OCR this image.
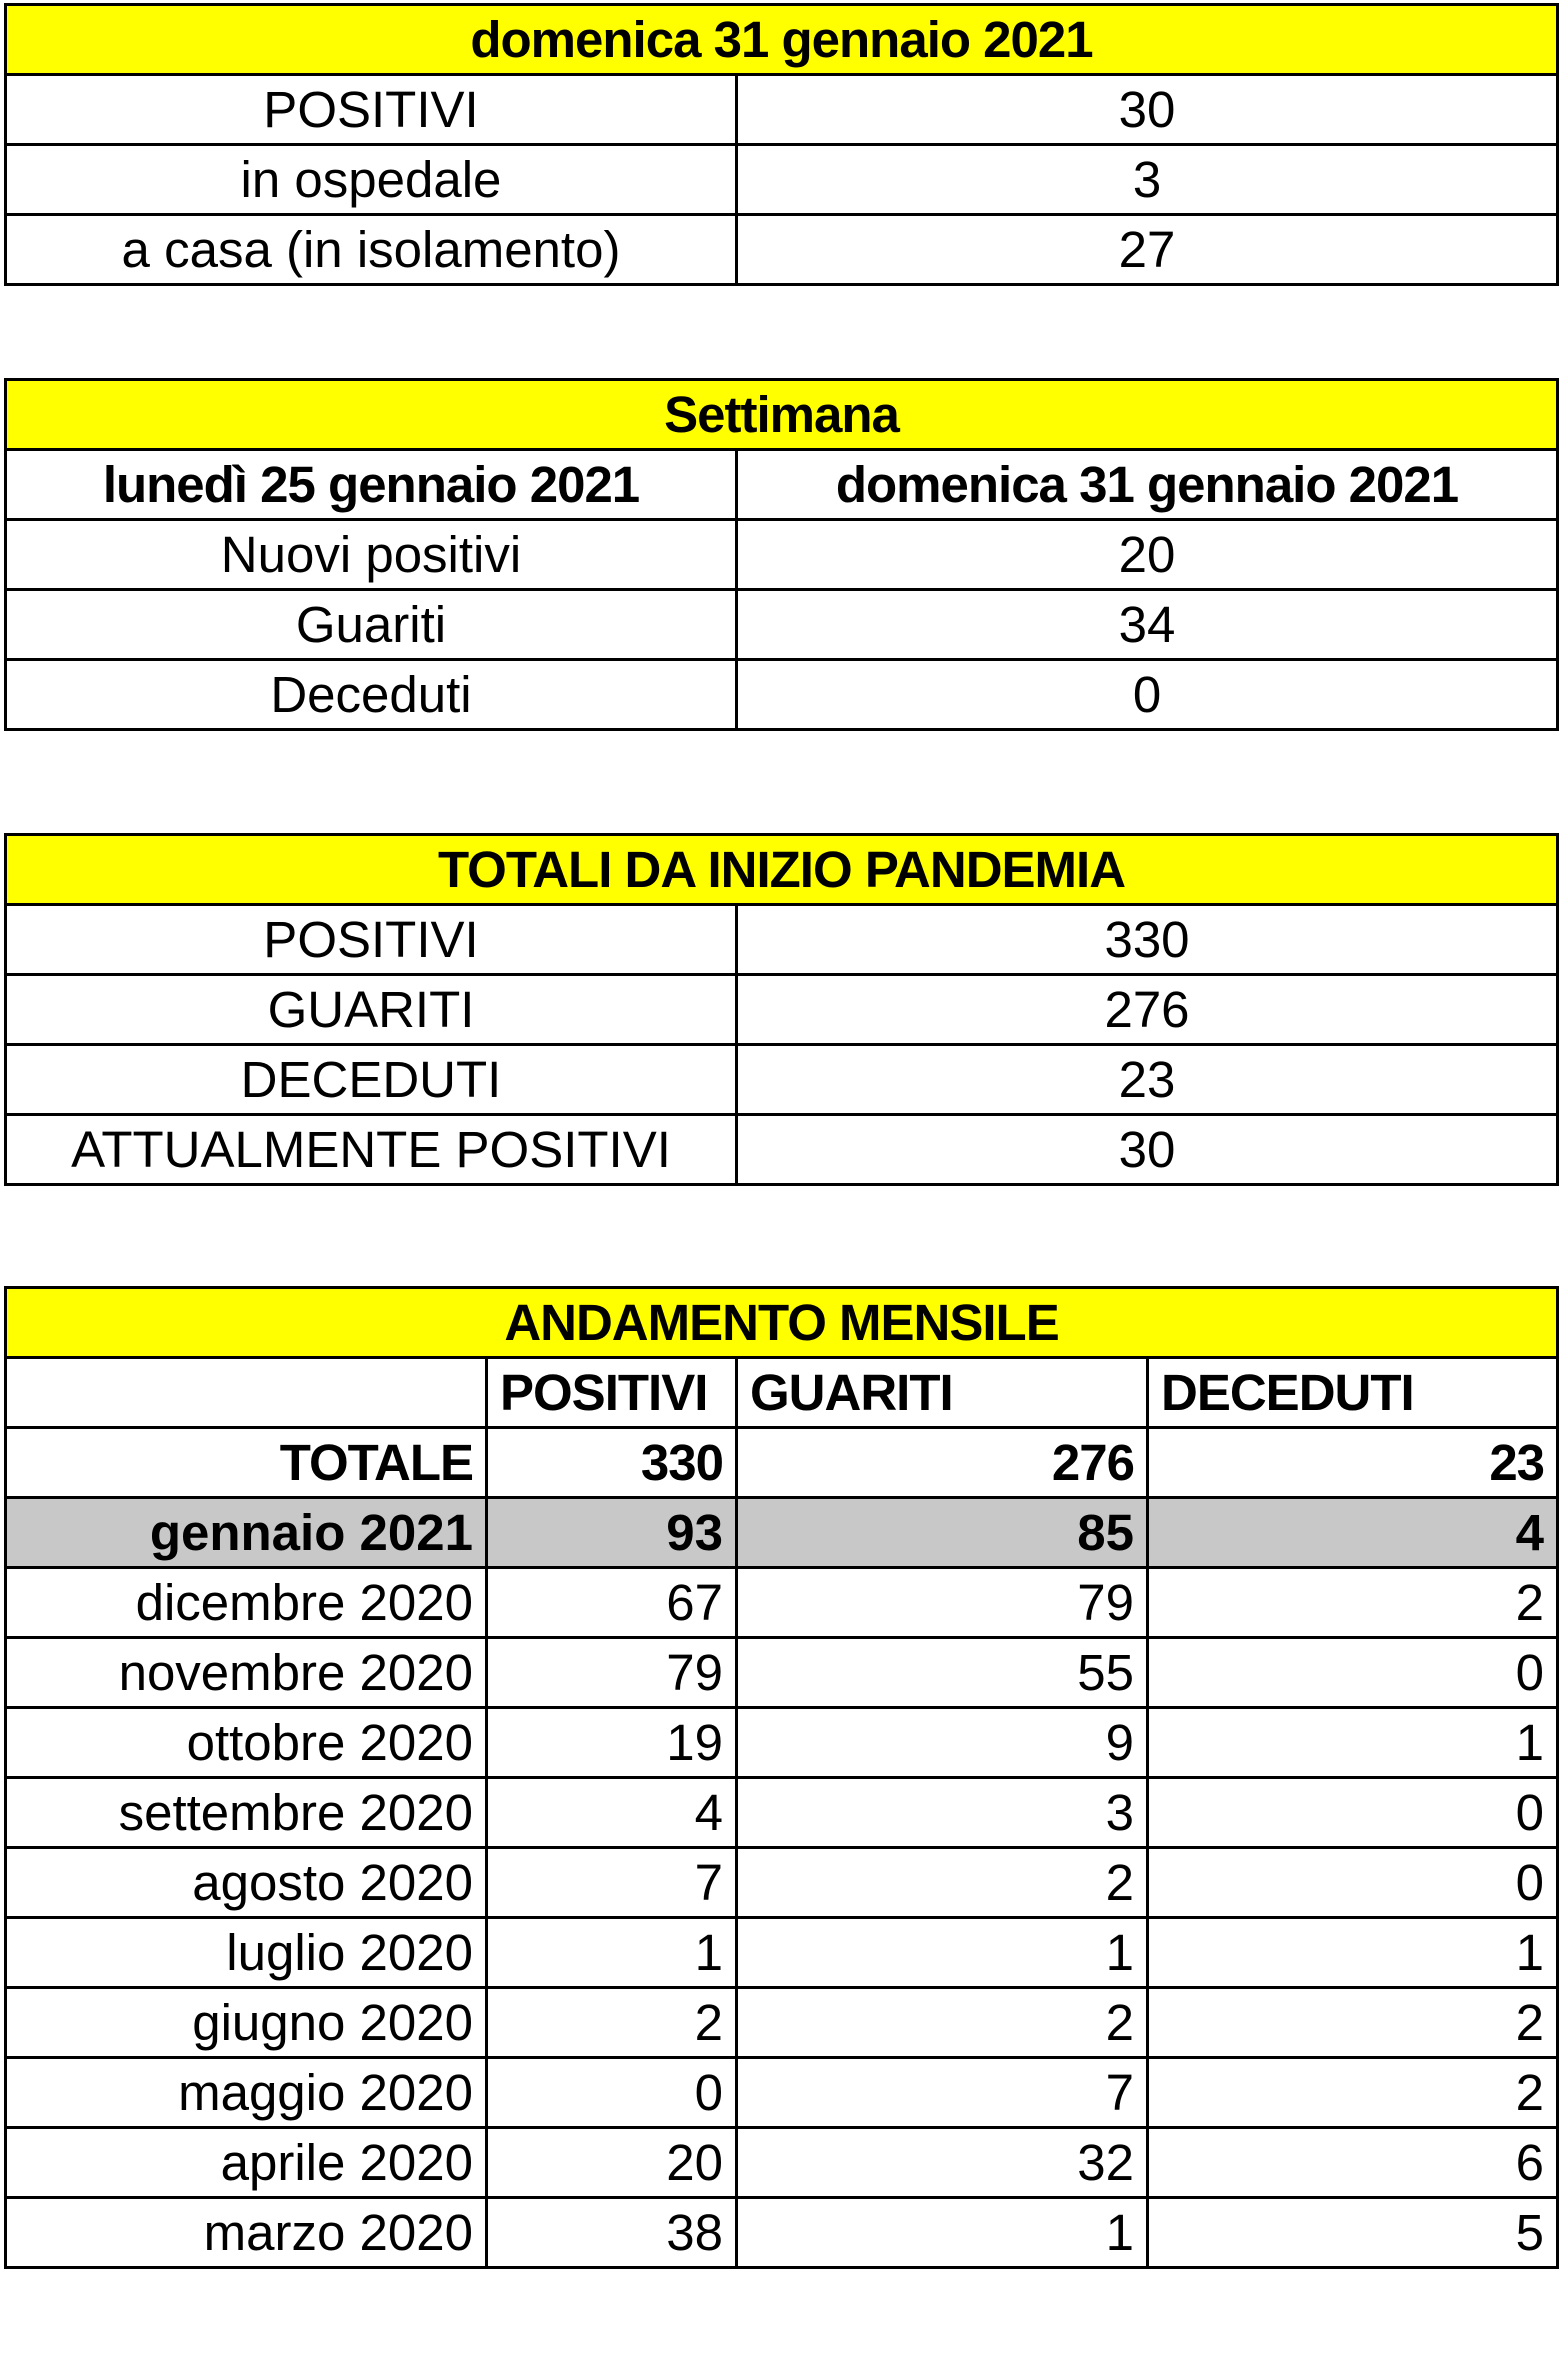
domenica 31 gennaio 2021	
POSITIVI	30
in ospedale	3
a casa (in isolamento)	27
Settimana	
lunedì 25 gennaio 2021	domenica 31 gennaio 2021
Nuovi positivi	20
Guariti	34
Deceduti	0
TOTALI DA INIZIO PANDEMIA	
POSITIVI	330
GUARITI	276
DECEDUTI	23
ATTUALMENTE POSITIVI	30
ANDAMENTO MENSILE			
	POSITIVI	GUARITI	DECEDUTI
TOTALE	330	276	23
gennaio 2021	93	85	4
dicembre 2020	67	79	2
novembre 2020	79	55	0
ottobre 2020	19	9	1
settembre 2020	4	3	0
agosto 2020	7	2	0
luglio 2020	1	1	1
giugno 2020	2	2	2
maggio 2020	0	7	2
aprile 2020	20	32	6
marzo 2020	38	1	5
